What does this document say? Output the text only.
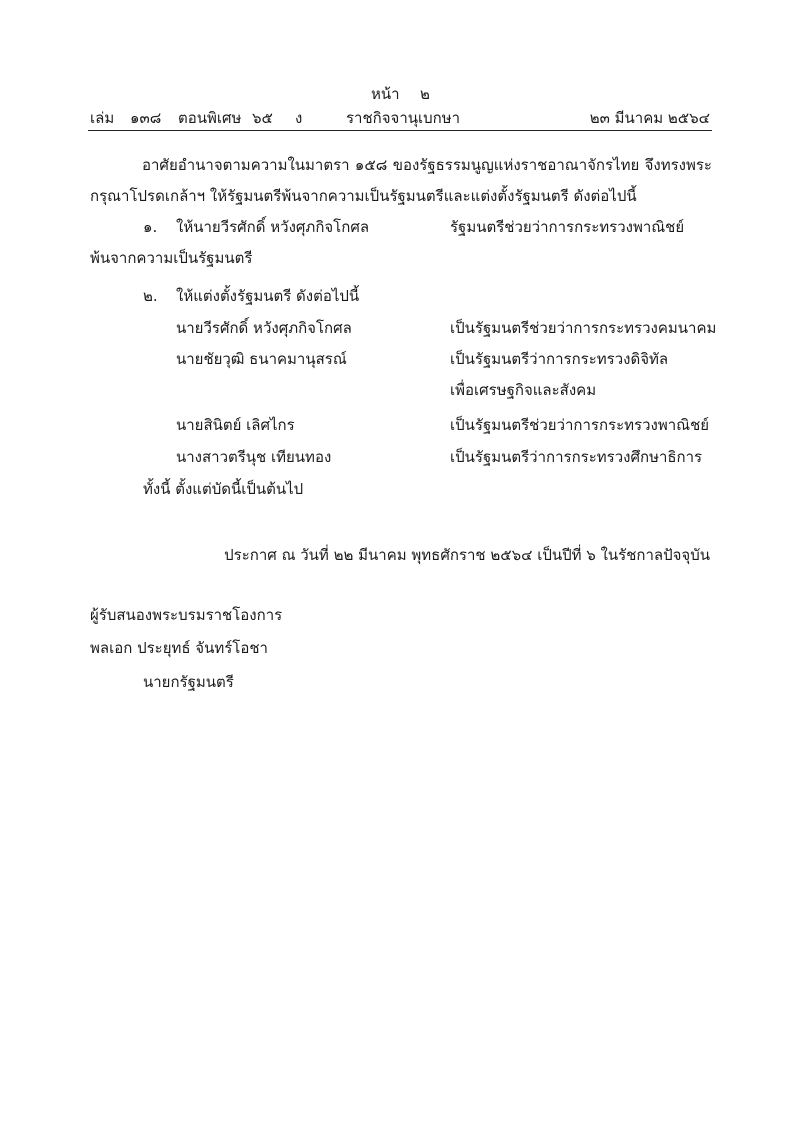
หน้า ๒
เล่ม ๑๓๘ ตอนพิเศษ ๖๕ ง	ราชกิจจานุเบกษา	๒๓ มีนาคม ๒๕๖๔
อาศัยอำนาจตามความในมาตรา ๑๕๘ ของรัฐธรรมนูญแห่งราชอาณาจักรไทย จึงทรงพระกรุณาโปรดเกล้าฯ ให้รัฐมนตรีพ้นจากความเป็นรัฐมนตรีและแต่งตั้งรัฐมนตรี ดังต่อไปนี้
๑. ให้นายวีรศักดิ์ หวังศุภกิจโกศล	รัฐมนตรีช่วยว่าการกระทรวงพาณิชย์
พ้นจากความเป็นรัฐมนตรี
๒. ให้แต่งตั้งรัฐมนตรี ดังต่อไปนี้
นายวีรศักดิ์ หวังศุภกิจโกศล	เป็นรัฐมนตรีช่วยว่าการกระทรวงคมนาคม
นายชัยวุฒิ ธนาคมานุสรณ์	เป็นรัฐมนตรีว่าการกระทรวงดิจิทัล
เพื่อเศรษฐกิจและสังคม
นายสินิตย์ เลิศไกร	เป็นรัฐมนตรีช่วยว่าการกระทรวงพาณิชย์
นางสาวตรีนุช เทียนทอง	เป็นรัฐมนตรีว่าการกระทรวงศึกษาธิการ
ทั้งนี้ ตั้งแต่บัดนี้เป็นต้นไป
ประกาศ ณ วันที่ ๒๒ มีนาคม พุทธศักราช ๒๕๖๔ เป็นปีที่ ๖ ในรัชกาลปัจจุบัน
ผู้รับสนองพระบรมราชโองการ
พลเอก ประยุทธ์ จันทร์โอชา
นายกรัฐมนตรี
